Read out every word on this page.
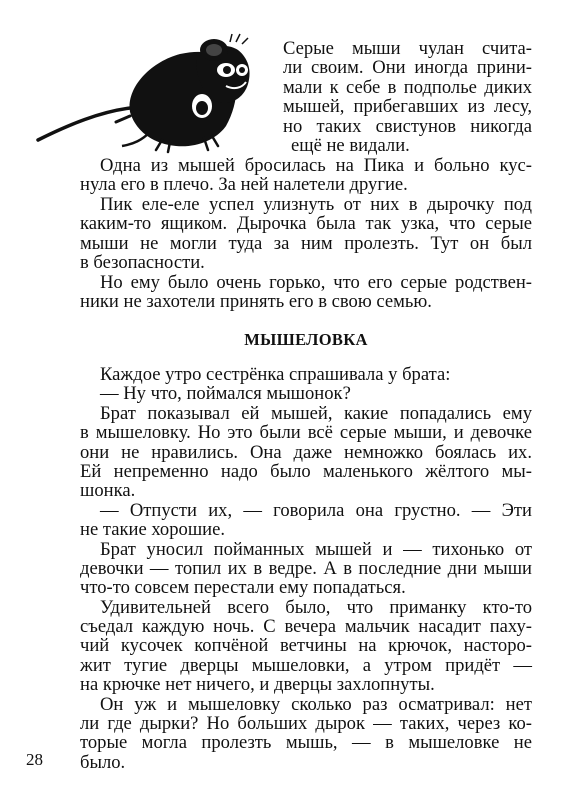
Серые мыши чулан счита-
ли своим. Они иногда прини-
мали к себе в подполье диких
мышей, прибегавших из лесу,
но таких свистунов никогда
ещё не видали.
Одна из мышей бросилась на Пика и больно кус-
нула его в плечо. За ней налетели другие.
Пик еле-еле успел улизнуть от них в дырочку под
каким-то ящиком. Дырочка была так узка, что серые
мыши не могли туда за ним пролезть. Тут он был
в безопасности.
Но ему было очень горько, что его серые родствен-
ники не захотели принять его в свою семью.
МЫШЕЛОВКА
Каждое утро сестрёнка спрашивала у брата:
— Ну что, поймался мышонок?
Брат показывал ей мышей, какие попадались ему
в мышеловку. Но это были всё серые мыши, и девочке
они не нравились. Она даже немножко боялась их.
Ей непременно надо было маленького жёлтого мы-
шонка.
— Отпусти их, — говорила она грустно. — Эти
не такие хорошие.
Брат уносил пойманных мышей и — тихонько от
девочки — топил их в ведре. А в последние дни мыши
что-то совсем перестали ему попадаться.
Удивительней всего было, что приманку кто-то
съедал каждую ночь. С вечера мальчик насадит паху-
чий кусочек копчёной ветчины на крючок, насторо-
жит тугие дверцы мышеловки, а утром придёт —
на крючке нет ничего, и дверцы захлопнуты.
Он уж и мышеловку сколько раз осматривал: нет
ли где дырки? Но больших дырок — таких, через ко-
торые могла пролезть мышь, — в мышеловке не
было.
28
